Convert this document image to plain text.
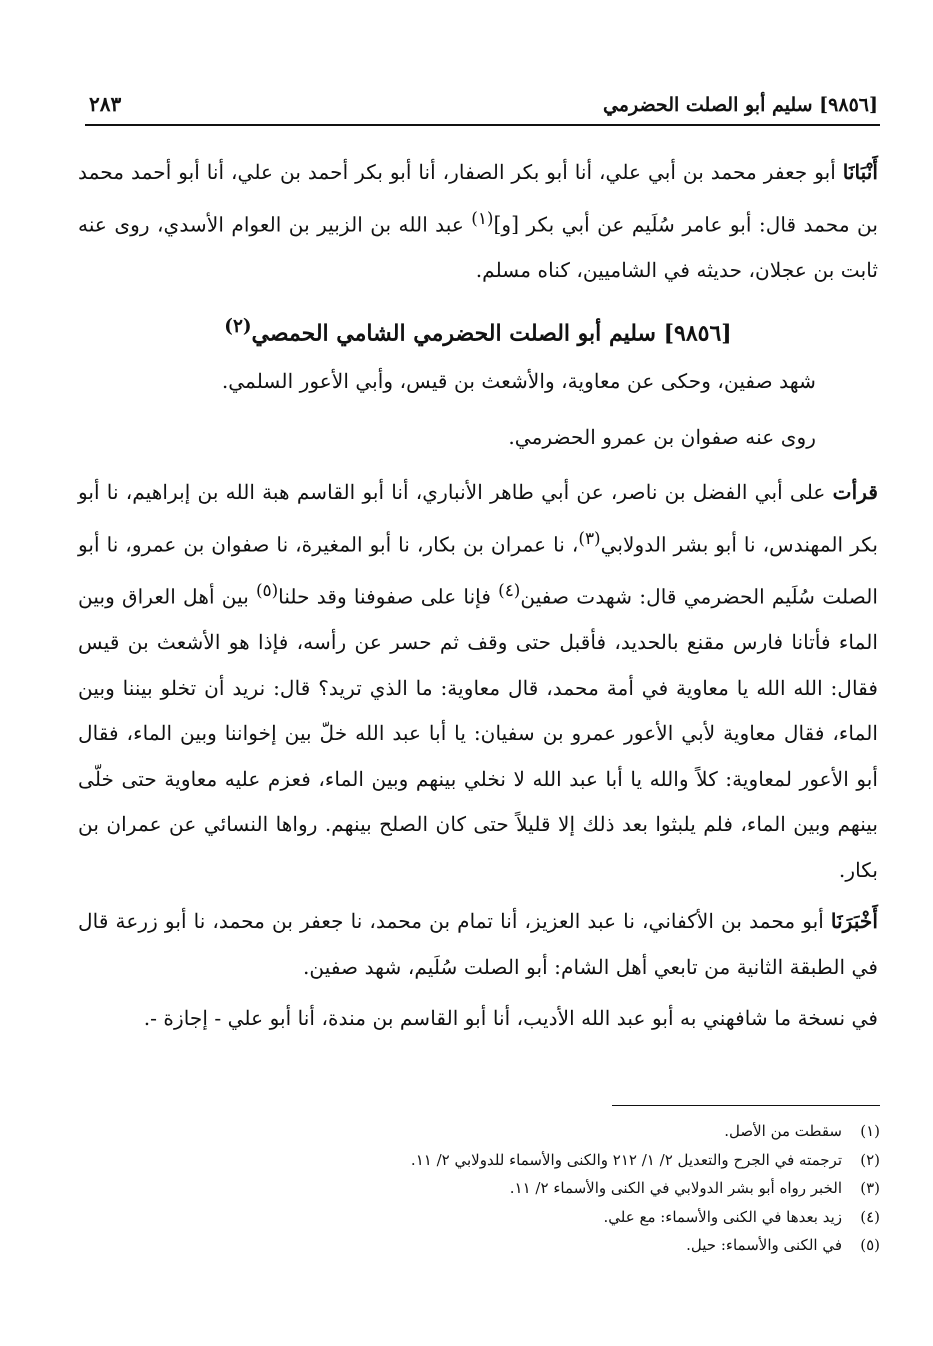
[٩٨٥٦] سليم أبو الصلت الحضرمي
٢٨٣

أَنْبَانَا أبو جعفر محمد بن أبي علي، أنا أبو بكر الصفار، أنا أبو بكر أحمد بن علي، أنا أبو أحمد محمد بن محمد قال: أبو عامر سُلَيم عن أبي بكر [و]$^{(١)}$ عبد الله بن الزبير بن العوام الأسدي، روى عنه ثابت بن عجلان، حديثه في الشاميين، كناه مسلم.

[٩٨٥٦] سليم أبو الصلت الحضرمي الشامي الحمصي$^{(٢)}$

شهد صفين، وحكى عن معاوية، والأشعث بن قيس، وأبي الأعور السلمي.

روى عنه صفوان بن عمرو الحضرمي.

قرأت على أبي الفضل بن ناصر، عن أبي طاهر الأنباري، أنا أبو القاسم هبة الله بن إبراهيم، نا أبو بكر المهندس، نا أبو بشر الدولابي$^{(٣)}$، نا عمران بن بكار، نا أبو المغيرة، نا صفوان بن عمرو، نا أبو الصلت سُلَيم الحضرمي قال: شهدت صفين$^{(٤)}$ فإنا على صفوفنا وقد حلنا$^{(٥)}$ بين أهل العراق وبين الماء فأتانا فارس مقنع بالحديد، فأقبل حتى وقف ثم حسر عن رأسه، فإذا هو الأشعث بن قيس فقال: الله الله يا معاوية في أمة محمد، قال معاوية: ما الذي تريد؟ قال: نريد أن تخلو بيننا وبين الماء، فقال معاوية لأبي الأعور عمرو بن سفيان: يا أبا عبد الله خلّ بين إخواننا وبين الماء، فقال أبو الأعور لمعاوية: كلاً والله يا أبا عبد الله لا نخلي بينهم وبين الماء، فعزم عليه معاوية حتى خلّى بينهم وبين الماء، فلم يلبثوا بعد ذلك إلا قليلاً حتى كان الصلح بينهم. رواها النسائي عن عمران بن بكار.

أَخْبَرَنَا أبو محمد بن الأكفاني، نا عبد العزيز، أنا تمام بن محمد، نا جعفر بن محمد، نا أبو زرعة قال في الطبقة الثانية من تابعي أهل الشام: أبو الصلت سُلَيم، شهد صفين.

في نسخة ما شافهني به أبو عبد الله الأديب، أنا أبو القاسم بن مندة، أنا أبو علي - إجازة -.

(١)سقطت من الأصل.
(٢)ترجمته في الجرح والتعديل ٢/ ١/ ٢١٢ والكنى والأسماء للدولابي ٢/ ١١.
(٣)الخبر رواه أبو بشر الدولابي في الكنى والأسماء ٢/ ١١.
(٤)زيد بعدها في الكنى والأسماء: مع علي.
(٥)في الكنى والأسماء: حيل.
